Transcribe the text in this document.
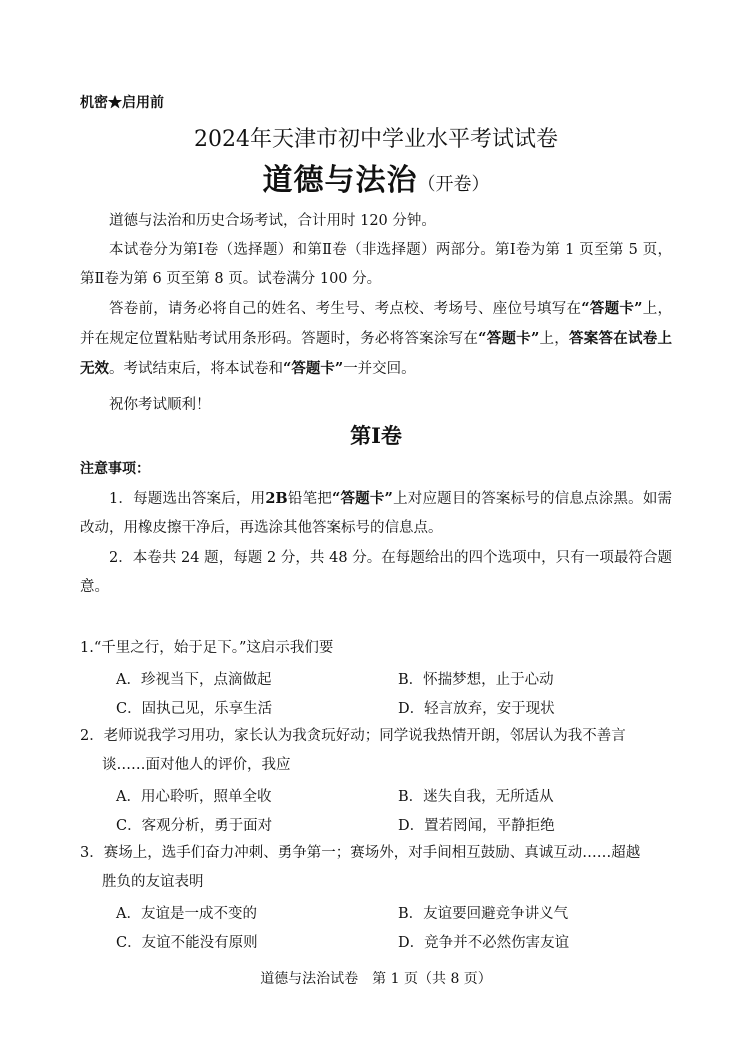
机密★启用前
2024年天津市初中学业水平考试试卷
道德与法治（开卷）
道德与法治和历史合场考试，合计用时 120 分钟。
本试卷分为第Ⅰ卷（选择题）和第Ⅱ卷（非选择题）两部分。第Ⅰ卷为第 1 页至第 5 页，第Ⅱ卷为第 6 页至第 8 页。试卷满分 100 分。
答卷前，请务必将自己的姓名、考生号、考点校、考场号、座位号填写在“答题卡”上，并在规定位置粘贴考试用条形码。答题时，务必将答案涂写在“答题卡”上，答案答在试卷上无效。考试结束后，将本试卷和“答题卡”一并交回。
祝你考试顺利！
第Ⅰ卷
注意事项：
1．每题选出答案后，用2B铅笔把“答题卡”上对应题目的答案标号的信息点涂黑。如需改动，用橡皮擦干净后，再选涂其他答案标号的信息点。
2．本卷共 24 题，每题 2 分，共 48 分。在每题给出的四个选项中，只有一项最符合题意。
1.“千里之行，始于足下。”这启示我们要
A．珍视当下，点滴做起	B．怀揣梦想，止于心动
C．固执己见，乐享生活	D．轻言放弃，安于现状
2．老师说我学习用功，家长认为我贪玩好动；同学说我热情开朗，邻居认为我不善言
谈……面对他人的评价，我应
A．用心聆听，照单全收	B．迷失自我，无所适从
C．客观分析，勇于面对	D．置若罔闻，平静拒绝
3．赛场上，选手们奋力冲刺、勇争第一；赛场外，对手间相互鼓励、真诚互动……超越
胜负的友谊表明
A．友谊是一成不变的	B．友谊要回避竞争讲义气
C．友谊不能没有原则	D．竞争并不必然伤害友谊
道德与法治试卷　第 1 页（共 8 页）
